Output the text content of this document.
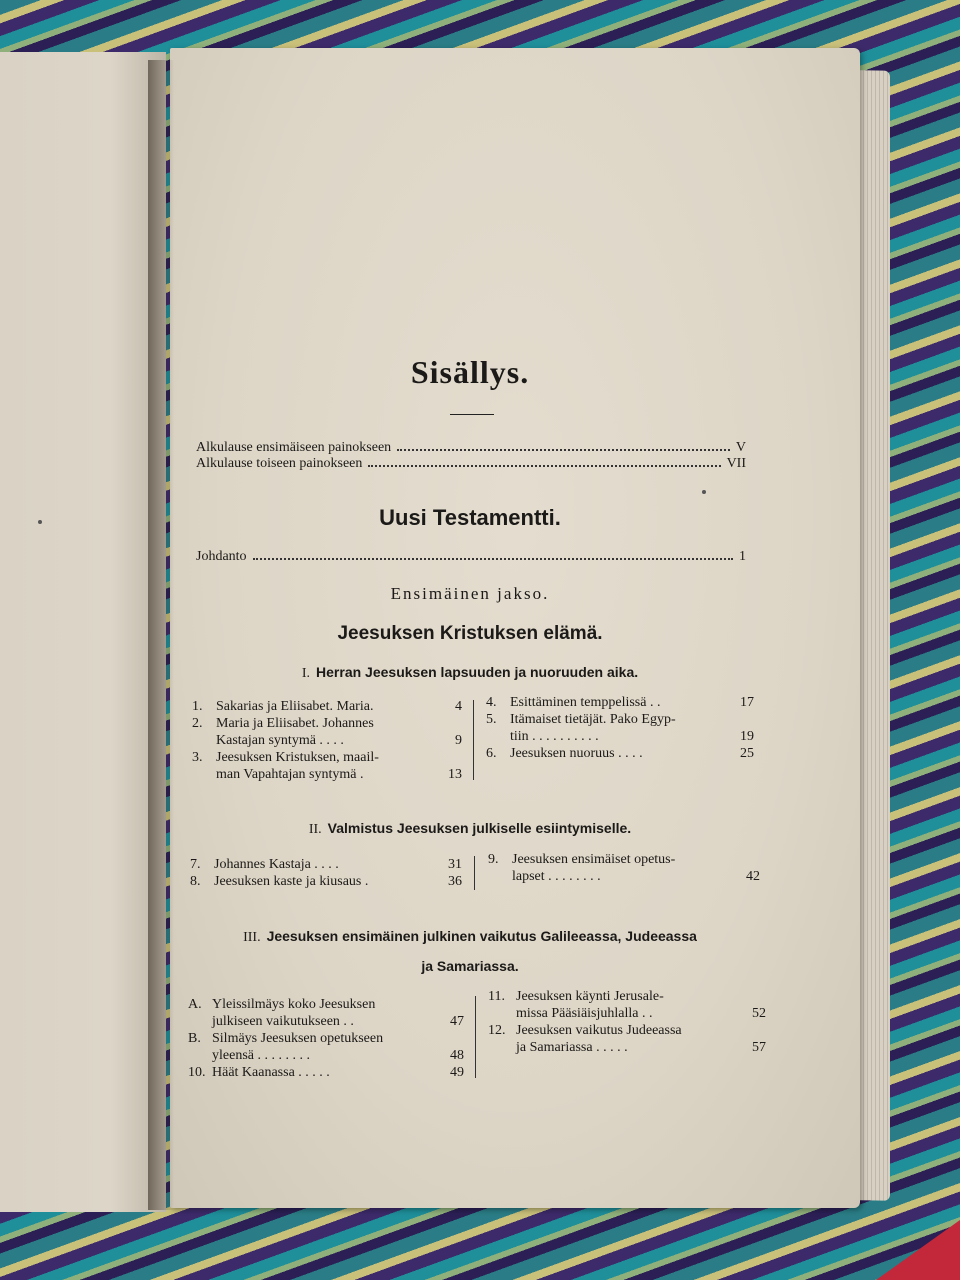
Sisällys.
Alkulause ensimäiseen painokseen	V
Alkulause toiseen painokseen	VII
Uusi Testamentti.
Johdanto	1
Ensimäinen jakso.
Jeesuksen Kristuksen elämä.
I. Herran Jeesuksen lapsuuden ja nuoruuden aika.
1. Sakarias ja Eliisabet. Maria.	4
2. Maria ja Eliisabet. Johannes
Kastajan syntymä . . . .	9
3. Jeesuksen Kristuksen, maail-
man Vapahtajan syntymä .	13
4. Esittäminen temppelissä . .	17
5. Itämaiset tietäjät. Pako Egyp-
tiin . . . . . . . . . .	19
6. Jeesuksen nuoruus . . . .	25
II. Valmistus Jeesuksen julkiselle esiintymiselle.
7. Johannes Kastaja . . . .	31
8. Jeesuksen kaste ja kiusaus .	36
9. Jeesuksen ensimäiset opetus-
lapset . . . . . . . .	42
III. Jeesuksen ensimäinen julkinen vaikutus Galileeassa, Judeeassa
ja Samariassa.
A. Yleissilmäys koko Jeesuksen
julkiseen vaikutukseen . .	47
B. Silmäys Jeesuksen opetukseen
yleensä . . . . . . . .	48
10. Häät Kaanassa . . . . .	49
11. Jeesuksen käynti Jerusale-
missa Pääsiäisjuhlalla . .	52
12. Jeesuksen vaikutus Judeeassa
ja Samariassa . . . . .	57
